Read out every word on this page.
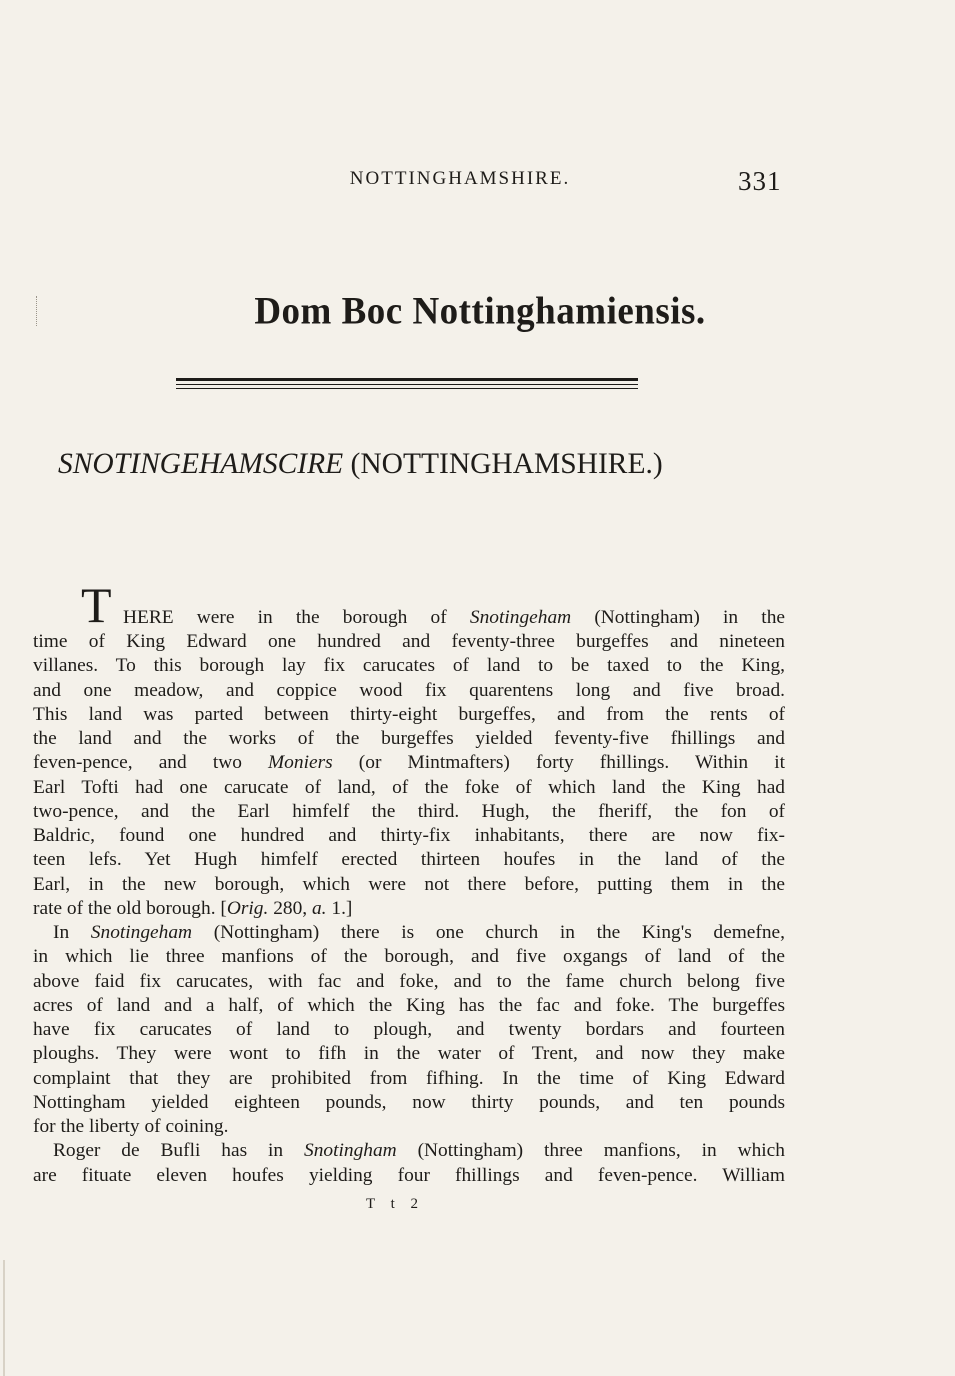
NOTTINGHAMSHIRE.	331
Dom Boc Nottinghamiensis.
SNOTINGEHAMSCIRE (NOTTINGHAMSHIRE.)
T HERE were in the borough of Snotingeham (Nottingham) in the
time of King Edward one hundred and feventy-three burgeffes and nineteen
villanes. To this borough lay fix carucates of land to be taxed to the King,
and one meadow, and coppice wood fix quarentens long and five broad.
This land was parted between thirty-eight burgeffes, and from the rents of
the land and the works of the burgeffes yielded feventy-five fhillings and
feven-pence, and two Moniers (or Mintmafters) forty fhillings. Within it
Earl Tofti had one carucate of land, of the foke of which land the King had
two-pence, and the Earl himfelf the third. Hugh, the fheriff, the fon of
Baldric, found one hundred and thirty-fix inhabitants, there are now fix-
teen lefs. Yet Hugh himfelf erected thirteen houfes in the land of the
Earl, in the new borough, which were not there before, putting them in the
rate of the old borough. [Orig. 280, a. 1.]
In Snotingeham (Nottingham) there is one church in the King's demefne,
in which lie three manfions of the borough, and five oxgangs of land of the
above faid fix carucates, with fac and foke, and to the fame church belong five
acres of land and a half, of which the King has the fac and foke. The burgeffes
have fix carucates of land to plough, and twenty bordars and fourteen
ploughs. They were wont to fifh in the water of Trent, and now they make
complaint that they are prohibited from fifhing. In the time of King Edward
Nottingham yielded eighteen pounds, now thirty pounds, and ten pounds
for the liberty of coining.
Roger de Bufli has in Snotingham (Nottingham) three manfions, in which
are fituate eleven houfes yielding four fhillings and feven-pence. William
T t 2
